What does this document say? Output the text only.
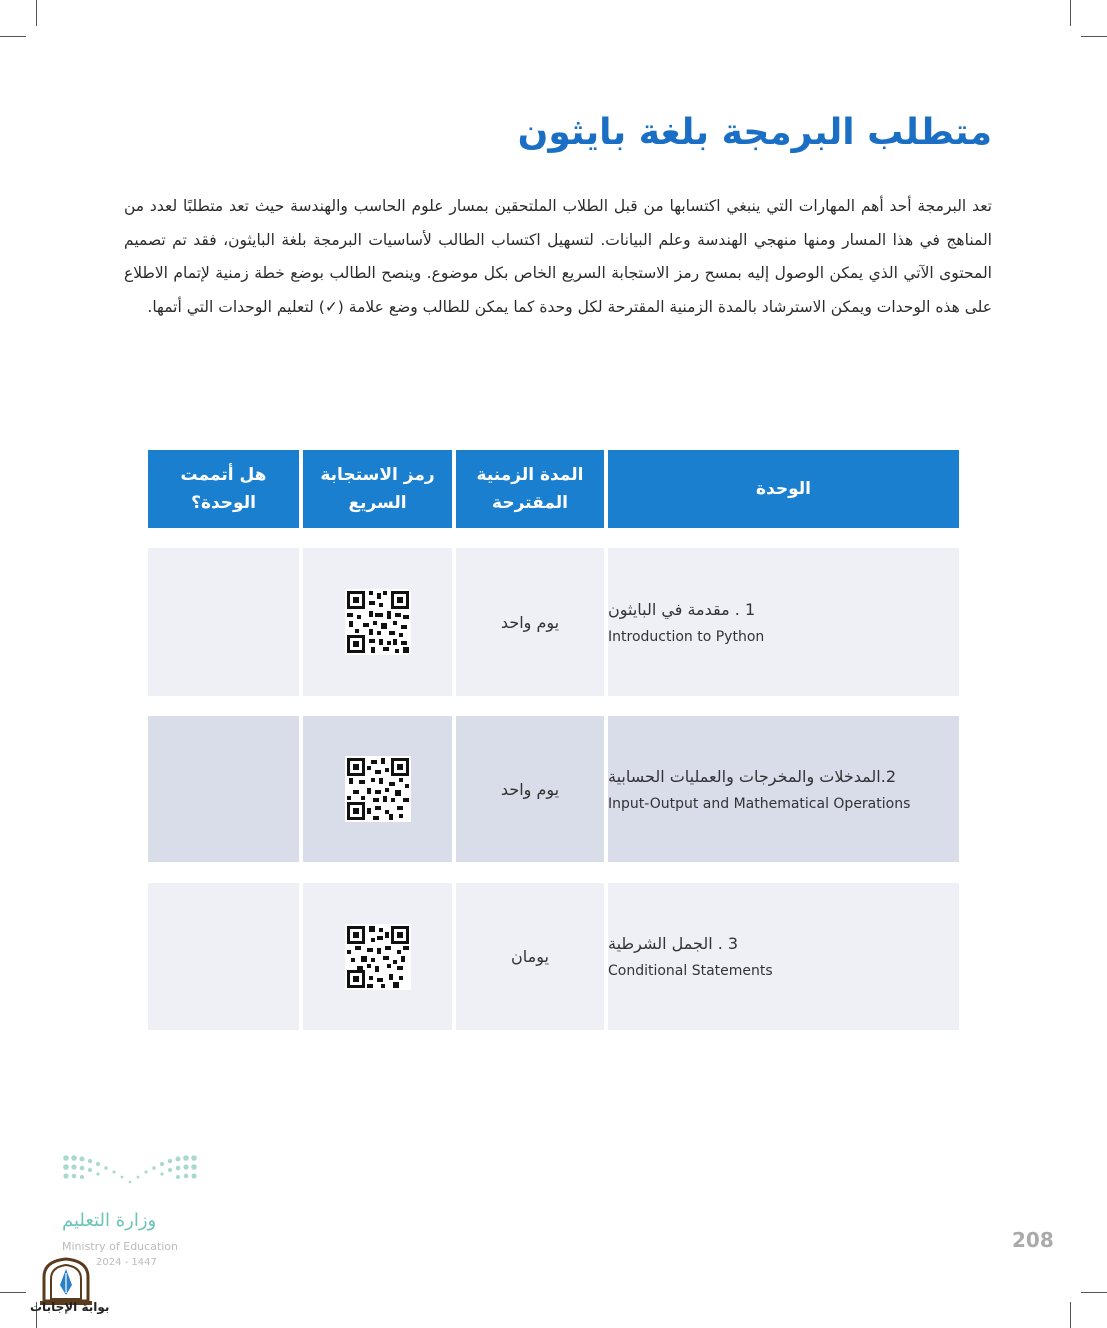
متطلب البرمجة بلغة بايثون

تعد البرمجة أحد أهم المهارات التي ينبغي اكتسابها من قبل الطلاب الملتحقين بمسار علوم الحاسب والهندسة حيث تعد متطلبًا لعدد من المناهج في هذا المسار ومنها منهجي الهندسة وعلم البيانات. لتسهيل اكتساب الطالب لأساسيات البرمجة بلغة البايثون، فقد تم تصميم المحتوى الآتي الذي يمكن الوصول إليه بمسح رمز الاستجابة السريع الخاص بكل موضوع. وينصح الطالب بوضع خطة زمنية لإتمام الاطلاع على هذه الوحدات ويمكن الاسترشاد بالمدة الزمنية المقترحة لكل وحدة كما يمكن للطالب وضع علامة (✓) لتعليم الوحدات التي أتمها.

الوحدة
المدة الزمنية المقترحة
رمز الاستجابة السريع
هل أتممت الوحدة؟
1 . مقدمة في البايثون
Introduction to Python
يوم واحد
2.المدخلات والمخرجات والعمليات الحسابية
Input-Output and Mathematical Operations
يوم واحد
3 . الجمل الشرطية
Conditional Statements
يومان
وزارة التعليم
Ministry of Education
2024 - 1447
208
بوابة الإجابات
